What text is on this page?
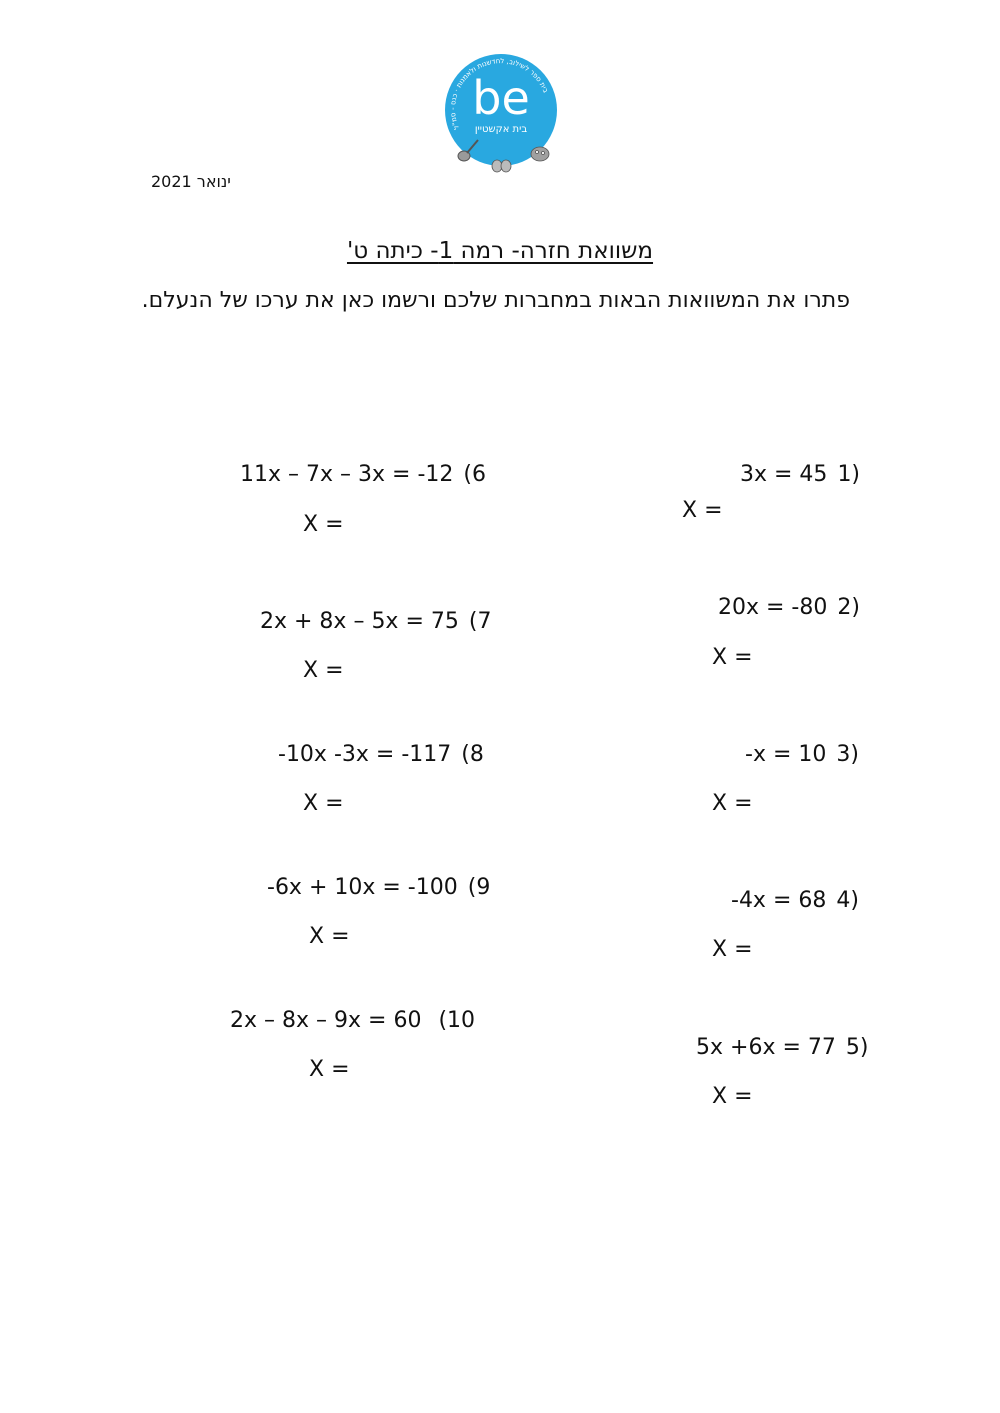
בית ספר לשילוב, לחדשנות ולאמנות · כנס - סמ"ל
be
בית אקשטיין
ינואר 2021
משוואת חזרה- רמה 1- כיתה ט'
פתרו את המשוואות הבאות במחברות שלכם ורשמו כאן את ערכו של הנעלם.
3x = 45 1)
X =
20x = -80 2)
X =
-x = 10 3)
X =
-4x = 68 4)
X =
5x +6x = 77 5)
X =
11x – 7x – 3x = -12 (6
X =
2x + 8x – 5x = 75 (7
X =
-10x -3x = -117 (8
X =
-6x + 10x = -100 (9
X =
2x – 8x – 9x = 60  (10
X =
